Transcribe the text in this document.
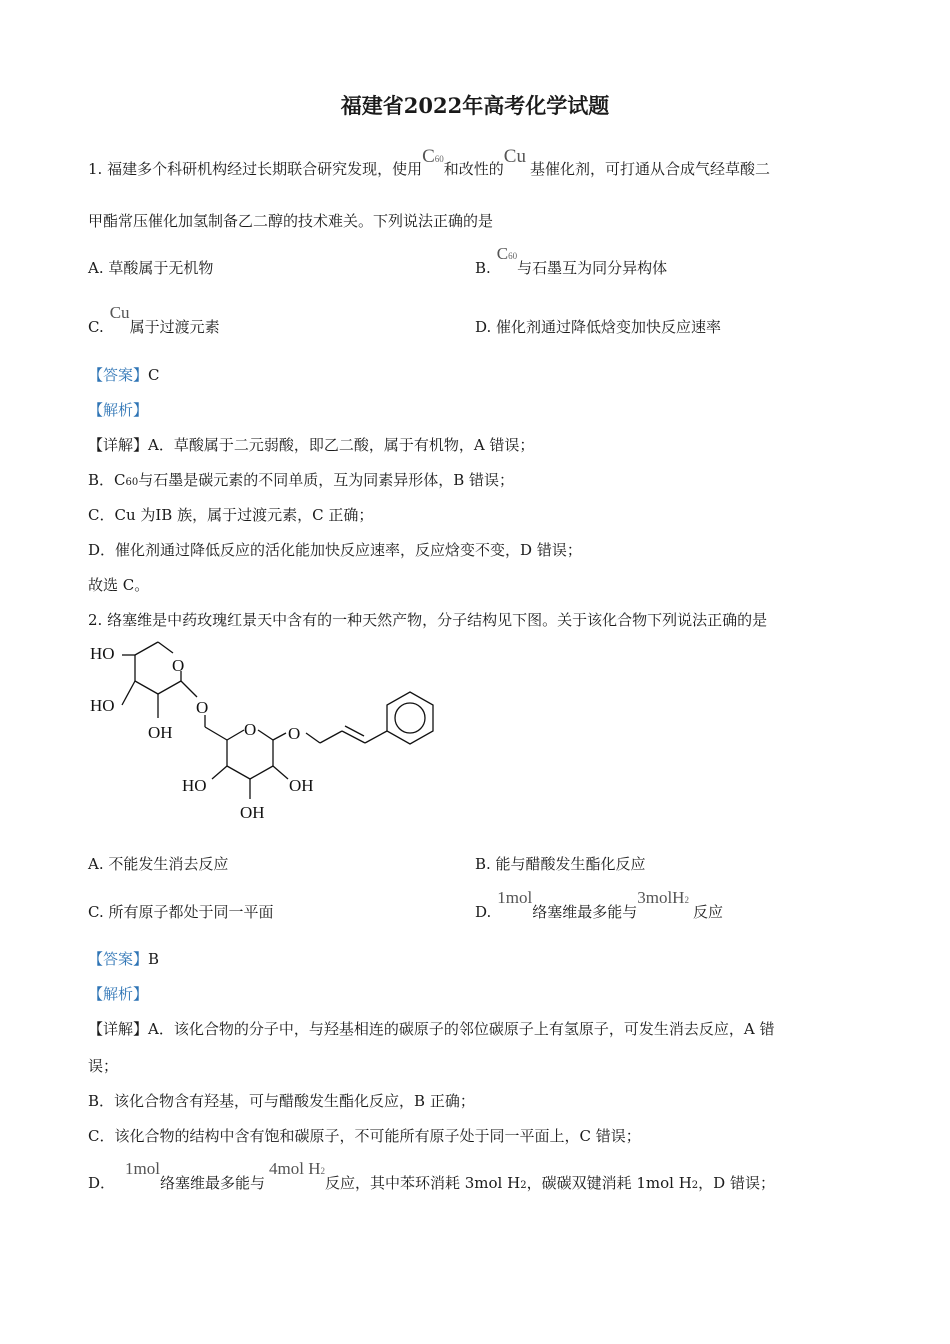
福建省2022年高考化学试题
1. 福建多个科研机构经过长期联合研究发现，使用C60和改性的Cu基催化剂，可打通从合成气经草酸二
甲酯常压催化加氢制备乙二醇的技术难关。下列说法正确的是
A. 草酸属于无机物	B.C60与石墨互为同分异构体
C.Cu属于过渡元素	D. 催化剂通过降低焓变加快反应速率
【答案】C
【解析】
【详解】A．草酸属于二元弱酸，即乙二酸，属于有机物，A 错误；
B．C60与石墨是碳元素的不同单质，互为同素异形体，B 错误；
C．Cu 为ⅠB 族，属于过渡元素，C 正确；
D．催化剂通过降低反应的活化能加快反应速率，反应焓变不变，D 错误；
故选 C。
2. 络塞维是中药玫瑰红景天中含有的一种天然产物，分子结构见下图。关于该化合物下列说法正确的是
HO
HO
OH
O
O
O O
HO	OH
OH
A. 不能发生消去反应	B. 能与醋酸发生酯化反应
C. 所有原子都处于同一平面	D.1mol络塞维最多能与3molH2反应
【答案】B
【解析】
【详解】A．该化合物的分子中，与羟基相连的碳原子的邻位碳原子上有氢原子，可发生消去反应，A 错
误；
B．该化合物含有羟基，可与醋酸发生酯化反应，B 正确；
C．该化合物的结构中含有饱和碳原子，不可能所有原子处于同一平面上，C 错误；
D．1mol络塞维最多能与4mol H2反应，其中苯环消耗 3mol H2，碳碳双键消耗 1mol H2，D 错误；
